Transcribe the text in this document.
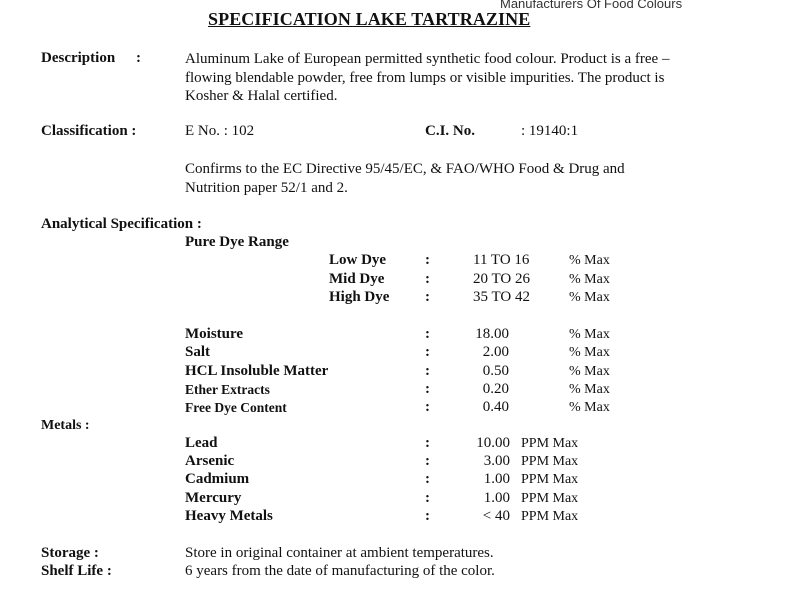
Manufacturers Of Food Colours
SPECIFICATION LAKE TARTRAZINE
Description :	Aluminum Lake of European permitted synthetic food colour. Product is a free –
flowing blendable powder, free from lumps or visible impurities. The product is
Kosher & Halal certified.
Classification :	E No. : 102	C.I. No.	: 19140:1
Confirms to the EC Directive 95/45/EC, & FAO/WHO Food & Drug and
Nutrition paper 52/1 and 2.
Analytical Specification :
Pure Dye Range
Low Dye	:	11 TO 16	% Max
Mid Dye	:	20 TO 26	% Max
High Dye :	35 TO 42	% Max
Moisture	:	18.00	% Max
Salt	:	2.00	% Max
HCL Insoluble Matter	:	0.50	% Max
Ether Extracts	:	0.20	% Max
Free Dye Content	:	0.40	% Max
Metals :
Lead	:	10.00 PPM Max
Arsenic	:	3.00 PPM Max
Cadmium	:	1.00 PPM Max
Mercury	:	1.00 PPM Max
Heavy Metals	:	< 40 PPM Max
Storage :	Store in original container at ambient temperatures.
Shelf Life :	6 years from the date of manufacturing of the color.
